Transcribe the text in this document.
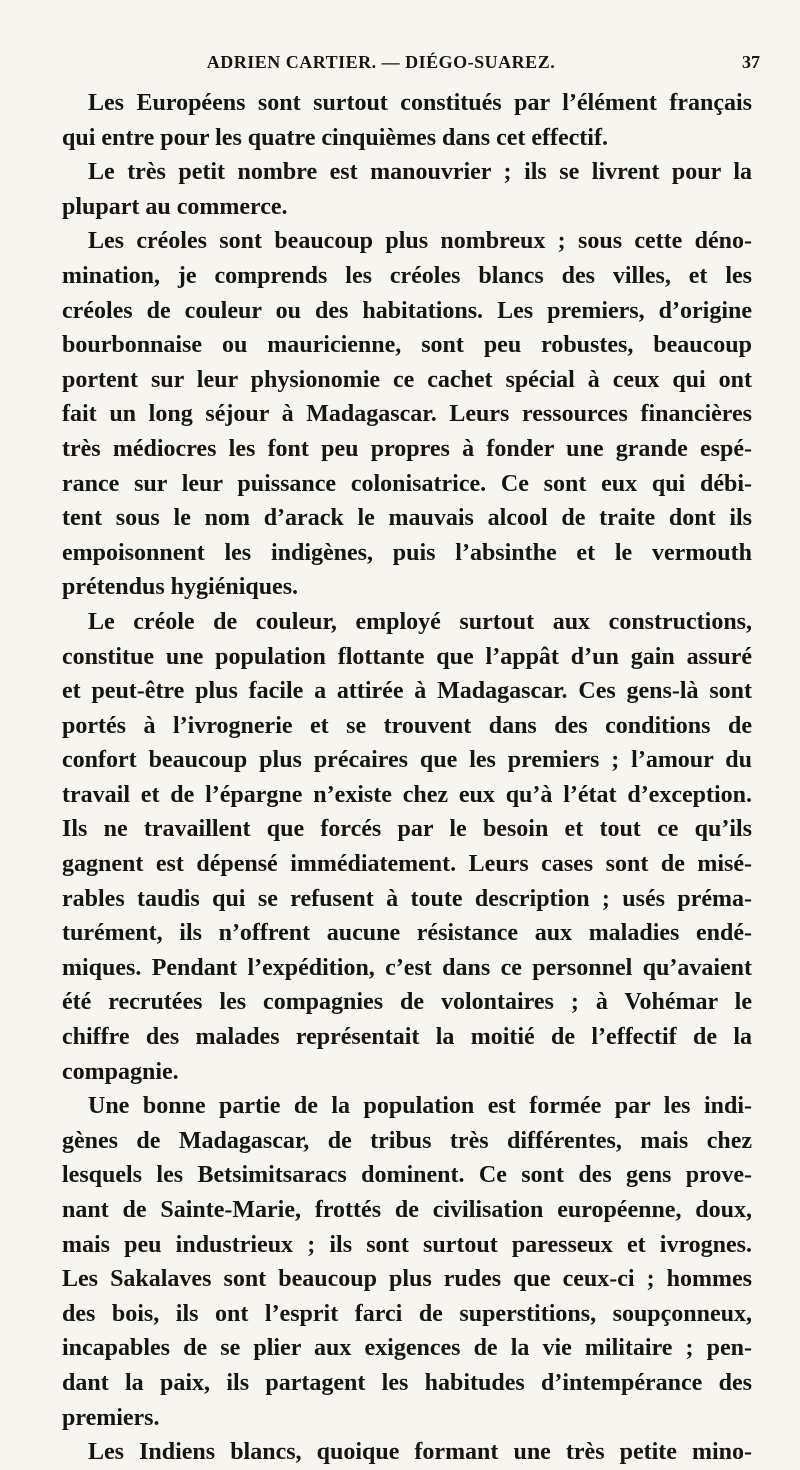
ADRIEN CARTIER. — DIÉGO-SUAREZ.	37
Les Européens sont surtout constitués par l’élément français
qui entre pour les quatre cinquièmes dans cet effectif.
Le très petit nombre est manouvrier ; ils se livrent pour la
plupart au commerce.
Les créoles sont beaucoup plus nombreux ; sous cette déno-
mination, je comprends les créoles blancs des villes, et les
créoles de couleur ou des habitations. Les premiers, d’origine
bourbonnaise ou mauricienne, sont peu robustes, beaucoup
portent sur leur physionomie ce cachet spécial à ceux qui ont
fait un long séjour à Madagascar. Leurs ressources financières
très médiocres les font peu propres à fonder une grande espé-
rance sur leur puissance colonisatrice. Ce sont eux qui débi-
tent sous le nom d’arack le mauvais alcool de traite dont ils
empoisonnent les indigènes, puis l’absinthe et le vermouth
prétendus hygiéniques.
Le créole de couleur, employé surtout aux constructions,
constitue une population flottante que l’appât d’un gain assuré
et peut-être plus facile a attirée à Madagascar. Ces gens-là sont
portés à l’ivrognerie et se trouvent dans des conditions de
confort beaucoup plus précaires que les premiers ; l’amour du
travail et de l’épargne n’existe chez eux qu’à l’état d’exception.
Ils ne travaillent que forcés par le besoin et tout ce qu’ils
gagnent est dépensé immédiatement. Leurs cases sont de misé-
rables taudis qui se refusent à toute description ; usés préma-
turément, ils n’offrent aucune résistance aux maladies endé-
miques. Pendant l’expédition, c’est dans ce personnel qu’avaient
été recrutées les compagnies de volontaires ; à Vohémar le
chiffre des malades représentait la moitié de l’effectif de la
compagnie.
Une bonne partie de la population est formée par les indi-
gènes de Madagascar, de tribus très différentes, mais chez
lesquels les Betsimitsaracs dominent. Ce sont des gens prove-
nant de Sainte-Marie, frottés de civilisation européenne, doux,
mais peu industrieux ; ils sont surtout paresseux et ivrognes.
Les Sakalaves sont beaucoup plus rudes que ceux-ci ; hommes
des bois, ils ont l’esprit farci de superstitions, soupçonneux,
incapables de se plier aux exigences de la vie militaire ; pen-
dant la paix, ils partagent les habitudes d’intempérance des
premiers.
Les Indiens blancs, quoique formant une très petite mino-
